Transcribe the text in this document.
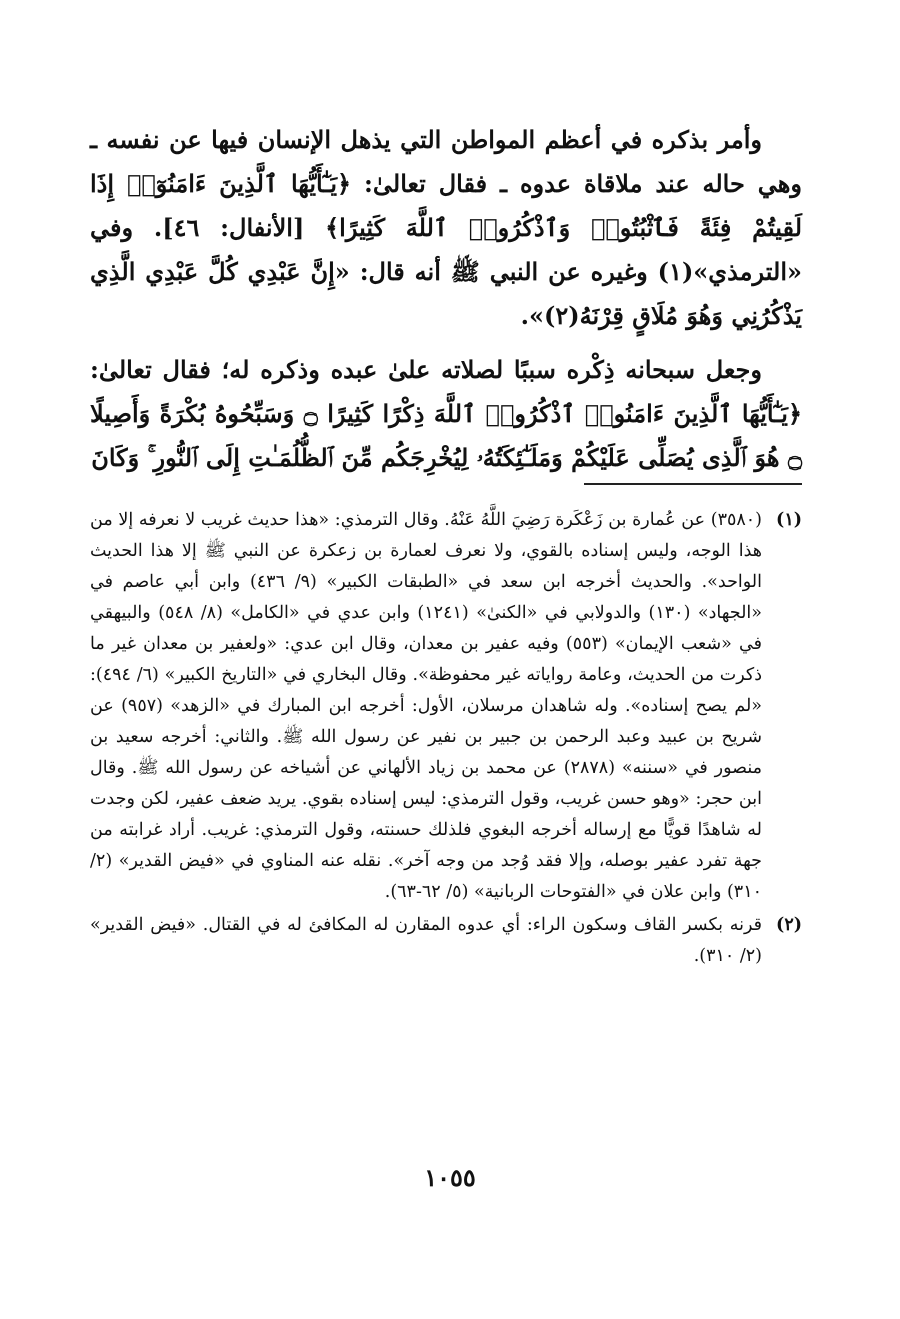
وأمر بذكره في أعظم المواطن التي يذهل الإنسان فيها عن نفسه ـ وهي حاله عند ملاقاة عدوه ـ فقال تعالىٰ: ﴿يَـٰٓأَيُّهَا ٱلَّذِينَ ءَامَنُوٓا۟ إِذَا لَقِيتُمْ فِئَةً فَٱثْبُتُوا۟ وَٱذْكُرُوا۟ ٱللَّهَ كَثِيرًا﴾ [الأنفال: ٤٦]. وفي «الترمذي»(١) وغيره عن النبي ﷺ أنه قال: «إِنَّ عَبْدِي كُلَّ عَبْدِي الَّذِي يَذْكُرُنِي وَهُوَ مُلَاقٍ قِرْنَهُ(٢)».

وجعل سبحانه ذِكْره سببًا لصلاته علىٰ عبده وذكره له؛ فقال تعالىٰ: ﴿يَـٰٓأَيُّهَا ٱلَّذِينَ ءَامَنُوا۟ ٱذْكُرُوا۟ ٱللَّهَ ذِكْرًا كَثِيرًا ۝ وَسَبِّحُوهُ بُكْرَةً وَأَصِيلًا ۝ هُوَ ٱلَّذِى يُصَلِّى عَلَيْكُمْ وَمَلَـٰٓئِكَتُهُۥ لِيُخْرِجَكُم مِّنَ ٱلظُّلُمَـٰتِ إِلَى ٱلنُّورِ ۚ وَكَانَ

(١)
(٣٥٨٠) عن عُمارة بن زَعْكَرة رَضِيَ اللَّهُ عَنْهُ. وقال الترمذي: «هذا حديث غريب لا نعرفه إلا من هذا الوجه، وليس إسناده بالقوي، ولا نعرف لعمارة بن زعكرة عن النبي ﷺ إلا هذا الحديث الواحد». والحديث أخرجه ابن سعد في «الطبقات الكبير» (٩/ ٤٣٦) وابن أبي عاصم في «الجهاد» (١٣٠) والدولابي في «الكنىٰ» (١٢٤١) وابن عدي في «الكامل» (٨/ ٥٤٨) والبيهقي في «شعب الإيمان» (٥٥٣) وفيه عفير بن معدان، وقال ابن عدي: «ولعفير بن معدان غير ما ذكرت من الحديث، وعامة رواياته غير محفوظة». وقال البخاري في «التاريخ الكبير» (٦/ ٤٩٤): «لم يصح إسناده». وله شاهدان مرسلان، الأول: أخرجه ابن المبارك في «الزهد» (٩٥٧) عن شريح بن عبيد وعبد الرحمن بن جبير بن نفير عن رسول الله ﷺ. والثاني: أخرجه سعيد بن منصور في «سننه» (٢٨٧٨) عن محمد بن زياد الألهاني عن أشياخه عن رسول الله ﷺ. وقال ابن حجر: «وهو حسن غريب، وقول الترمذي: ليس إسناده بقوي. يريد ضعف عفير، لكن وجدت له شاهدًا قويًّا مع إرساله أخرجه البغوي فلذلك حسنته، وقول الترمذي: غريب. أراد غرابته من جهة تفرد عفير بوصله، وإلا فقد وُجد من وجه آخر». نقله عنه المناوي في «فيض القدير» (٢/ ٣١٠) وابن علان في «الفتوحات الربانية» (٥/ ٦٢-٦٣).
(٢)
قرنه بكسر القاف وسكون الراء: أي عدوه المقارن له المكافئ له في القتال. «فيض القدير» (٢/ ٣١٠).
١٠٥٥
